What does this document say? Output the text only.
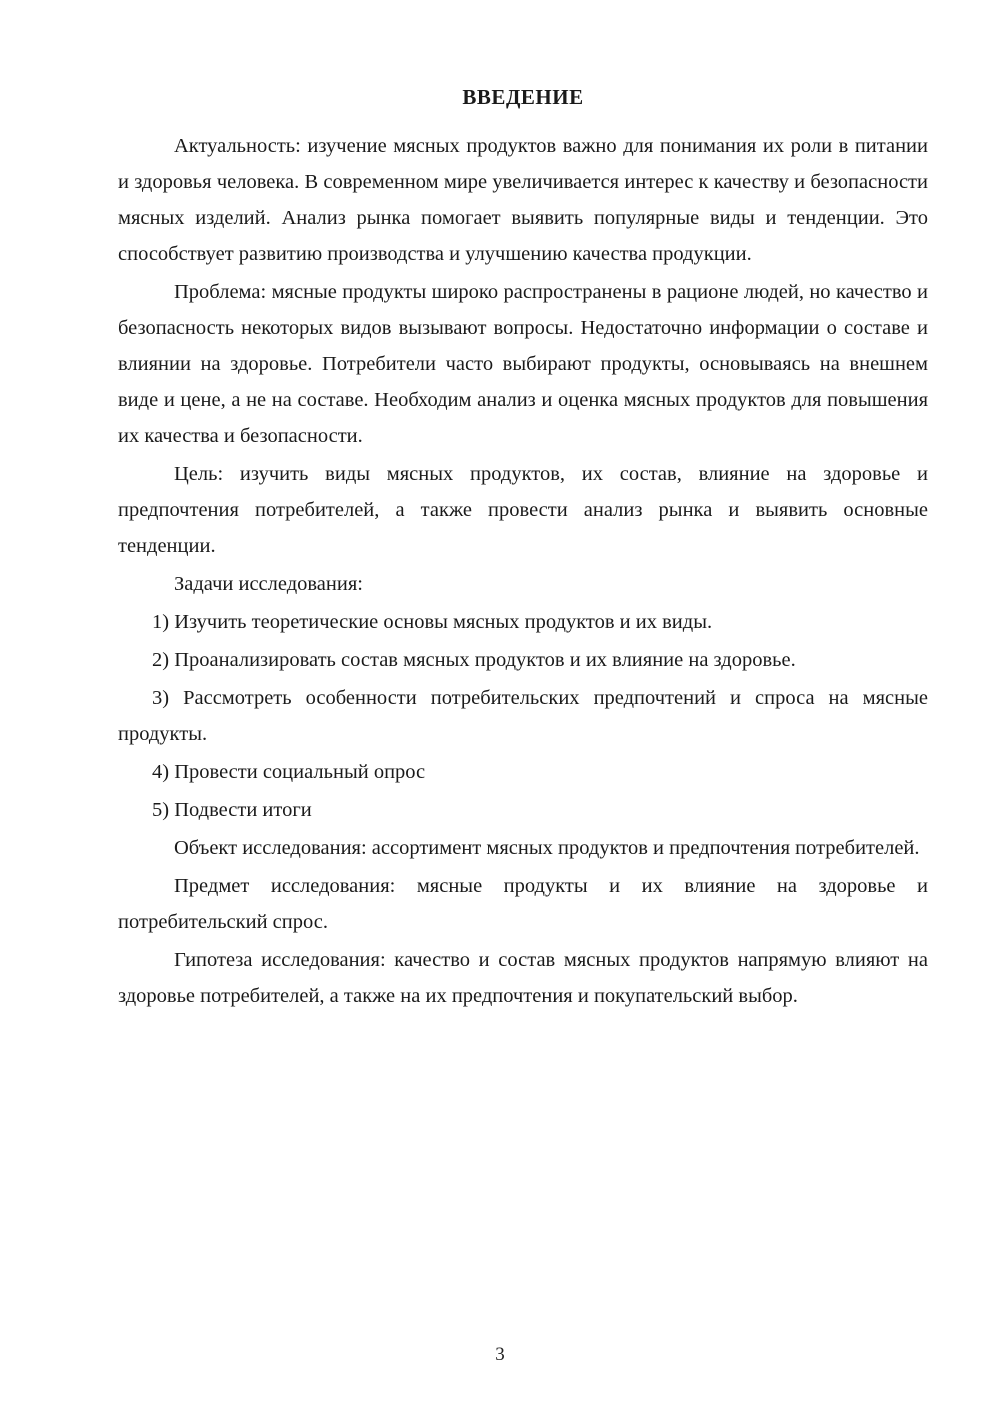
ВВЕДЕНИЕ

Актуальность: изучение мясных продуктов важно для понимания их роли в питании и здоровья человека. В современном мире увеличивается интерес к качеству и безопасности мясных изделий. Анализ рынка помогает выявить популярные виды и тенденции. Это способствует развитию производства и улучшению качества продукции.

Проблема: мясные продукты широко распространены в рационе людей, но качество и безопасность некоторых видов вызывают вопросы. Недостаточно информации о составе и влиянии на здоровье. Потребители часто выбирают продукты, основываясь на внешнем виде и цене, а не на составе. Необходим анализ и оценка мясных продуктов для повышения их качества и безопасности.

Цель: изучить виды мясных продуктов, их состав, влияние на здоровье и предпочтения потребителей, а также провести анализ рынка и выявить основные тенденции.

Задачи исследования:

1) Изучить теоретические основы мясных продуктов и их виды.

2) Проанализировать состав мясных продуктов и их влияние на здоровье.

3) Рассмотреть особенности потребительских предпочтений и спроса на мясные продукты.

4) Провести социальный опрос

5) Подвести итоги

Объект исследования: ассортимент мясных продуктов и предпочтения потребителей.

Предмет исследования: мясные продукты и их влияние на здоровье и потребительский спрос.

Гипотеза исследования: качество и состав мясных продуктов напрямую влияют на здоровье потребителей, а также на их предпочтения и покупательский выбор.

3
